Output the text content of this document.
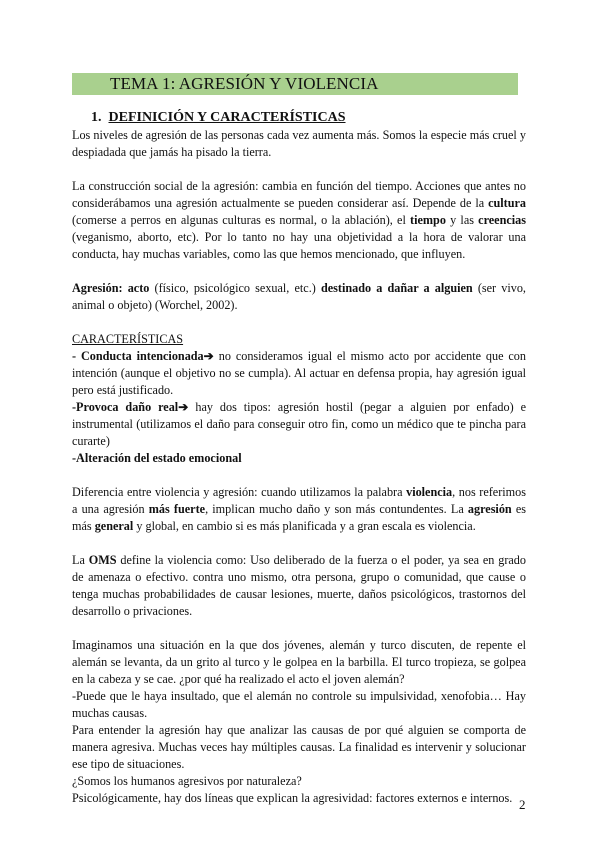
TEMA 1: AGRESIÓN Y VIOLENCIA
1. DEFINICIÓN Y CARACTERÍSTICAS

Los niveles de agresión de las personas cada vez aumenta más. Somos la especie más cruel y despiadada que jamás ha pisado la tierra.

La construcción social de la agresión: cambia en función del tiempo. Acciones que antes no considerábamos una agresión actualmente se pueden considerar así. Depende de la cultura (comerse a perros en algunas culturas es normal, o la ablación), el tiempo y las creencias (veganismo, aborto, etc). Por lo tanto no hay una objetividad a la hora de valorar una conducta, hay muchas variables, como las que hemos mencionado, que influyen.

Agresión: acto (físico, psicológico sexual, etc.) destinado a dañar a alguien (ser vivo, animal o objeto) (Worchel, 2002).

CARACTERÍSTICAS

- Conducta intencionada➔ no consideramos igual el mismo acto por accidente que con intención (aunque el objetivo no se cumpla). Al actuar en defensa propia, hay agresión igual pero está justificado.

-Provoca daño real➔ hay dos tipos: agresión hostil (pegar a alguien por enfado) e instrumental (utilizamos el daño para conseguir otro fin, como un médico que te pincha para curarte)

-Alteración del estado emocional

Diferencia entre violencia y agresión: cuando utilizamos la palabra violencia, nos referimos a una agresión más fuerte, implican mucho daño y son más contundentes. La agresión es más general y global, en cambio si es más planificada y a gran escala es violencia.

La OMS define la violencia como: Uso deliberado de la fuerza o el poder, ya sea en grado de amenaza o efectivo. contra uno mismo, otra persona, grupo o comunidad, que cause o tenga muchas probabilidades de causar lesiones, muerte, daños psicológicos, trastornos del desarrollo o privaciones.

Imaginamos una situación en la que dos jóvenes, alemán y turco discuten, de repente el alemán se levanta, da un grito al turco y le golpea en la barbilla. El turco tropieza, se golpea en la cabeza y se cae. ¿por qué ha realizado el acto el joven alemán?

-Puede que le haya insultado, que el alemán no controle su impulsividad, xenofobia… Hay muchas causas.

Para entender la agresión hay que analizar las causas de por qué alguien se comporta de manera agresiva. Muchas veces hay múltiples causas. La finalidad es intervenir y solucionar ese tipo de situaciones.

¿Somos los humanos agresivos por naturaleza?

Psicológicamente, hay dos líneas que explican la agresividad: factores externos e internos. 2
